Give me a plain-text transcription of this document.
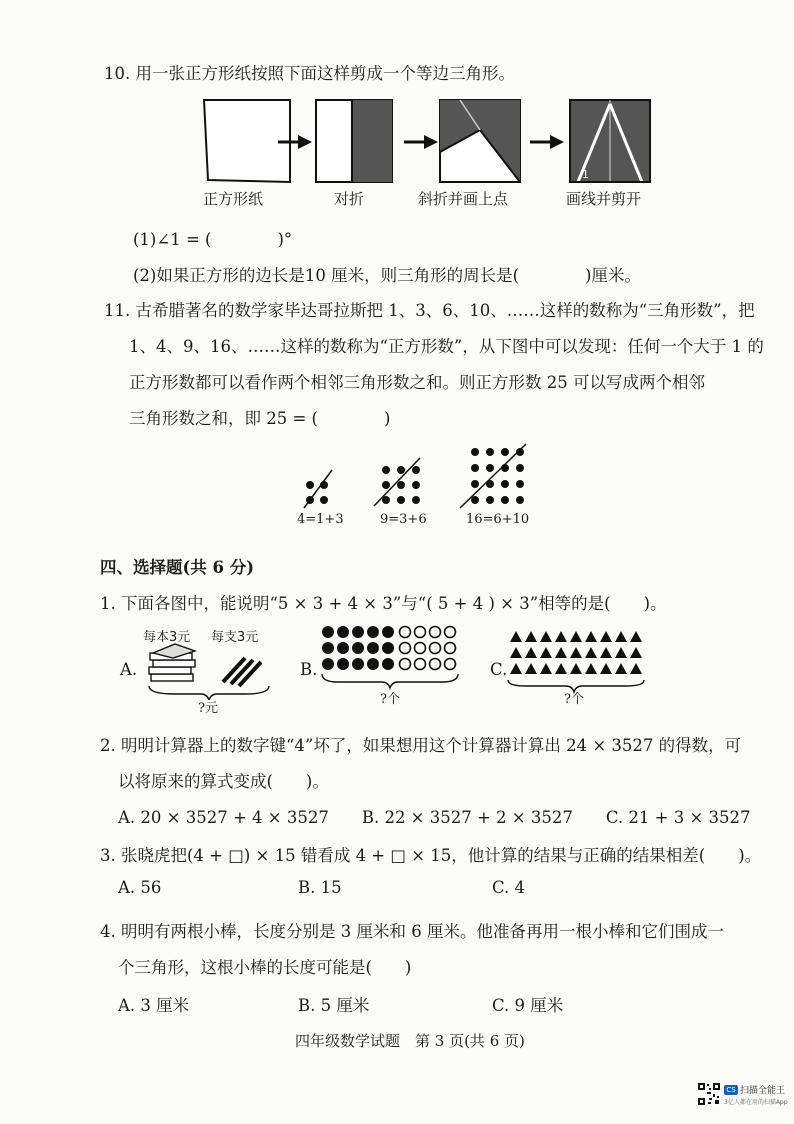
10. 用一张正方形纸按照下面这样剪成一个等边三角形。
1
正方形纸	对折	斜折并画上点	画线并剪开
(1)∠1 = (　　　　)°
(2)如果正方形的边长是10 厘米，则三角形的周长是(　　　　)厘米。
11. 古希腊著名的数学家毕达哥拉斯把 1、3、6、10、……这样的数称为“三角形数”，把
1、4、9、16、……这样的数称为“正方形数”，从下图中可以发现：任何一个大于 1 的
正方形数都可以看作两个相邻三角形数之和。则正方形数 25 可以写成两个相邻
三角形数之和，即 25 = (　　　　)
4=1+3	9=3+6	16=6+10
四、选择题(共 6 分)
1. 下面各图中，能说明“5 × 3 + 4 × 3”与“( 5 + 4 ) × 3”相等的是(　　)。
A.
每本3元 每支3元
?元
B.
?个
C.
?个
2. 明明计算器上的数字键“4”坏了，如果想用这个计算器计算出 24 × 3527 的得数，可
以将原来的算式变成(　　)。
A. 20 × 3527 + 4 × 3527　　B. 22 × 3527 + 2 × 3527　　C. 21 + 3 × 3527
3. 张晓虎把(4 + □) × 15 错看成 4 + □ × 15，他计算的结果与正确的结果相差(　　)。
A. 56	B. 15	C. 4
4. 明明有两根小棒，长度分别是 3 厘米和 6 厘米。他准备再用一根小棒和它们围成一
个三角形，这根小棒的长度可能是(　　)
A. 3 厘米	B. 5 厘米	C. 9 厘米
四年级数学试题　第 3 页(共 6 页)
CS 扫描全能王
3亿人都在用的扫描App
